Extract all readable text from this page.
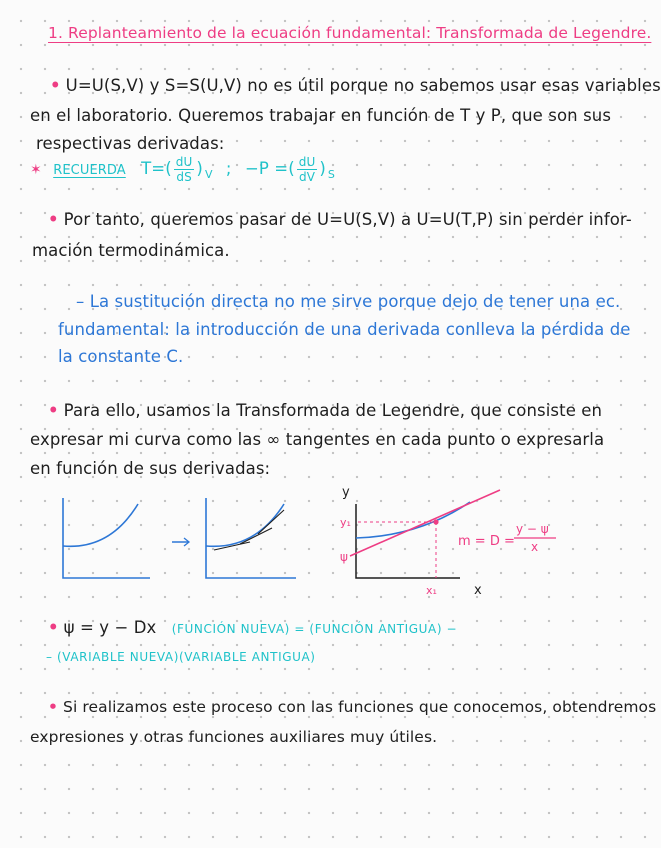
1. Replanteamiento de la ecuación fundamental: Transformada de Legendre.
• U=U(S,V) y S=S(U,V) no es útil porque no sabemos usar esas variables
en el laboratorio. Queremos trabajar en función de T y P, que son sus
respectivas derivadas:
✶ RECUERDA $T=( \frac{dU}{dS}$ ) $_V$ ; −P =( $\frac{dU}{dV}$ ) $_S$
• Por tanto, queremos pasar de U=U(S,V) a U=U(T,P) sin perder infor-
mación termodinámica.
– La sustitución directa no me sirve porque dejo de tener una ec.
fundamental: la introducción de una derivada conlleva la pérdida de
la constante C.
• Para ello, usamos la Transformada de Legendre, que consiste en
expresar mi curva como las ∞ tangentes en cada punto o expresarla
en función de sus derivadas:
y
y₁
ψ
x₁	x
m = D =
y − ψ
x
• ψ = y − Dx (FUNCIÓN NUEVA) = (FUNCIÓN ANTIGUA) −
– (VARIABLE NUEVA)(VARIABLE ANTIGUA)
• Si realizamos este proceso con las funciones que conocemos, obtendremos
expresiones y otras funciones auxiliares muy útiles.
